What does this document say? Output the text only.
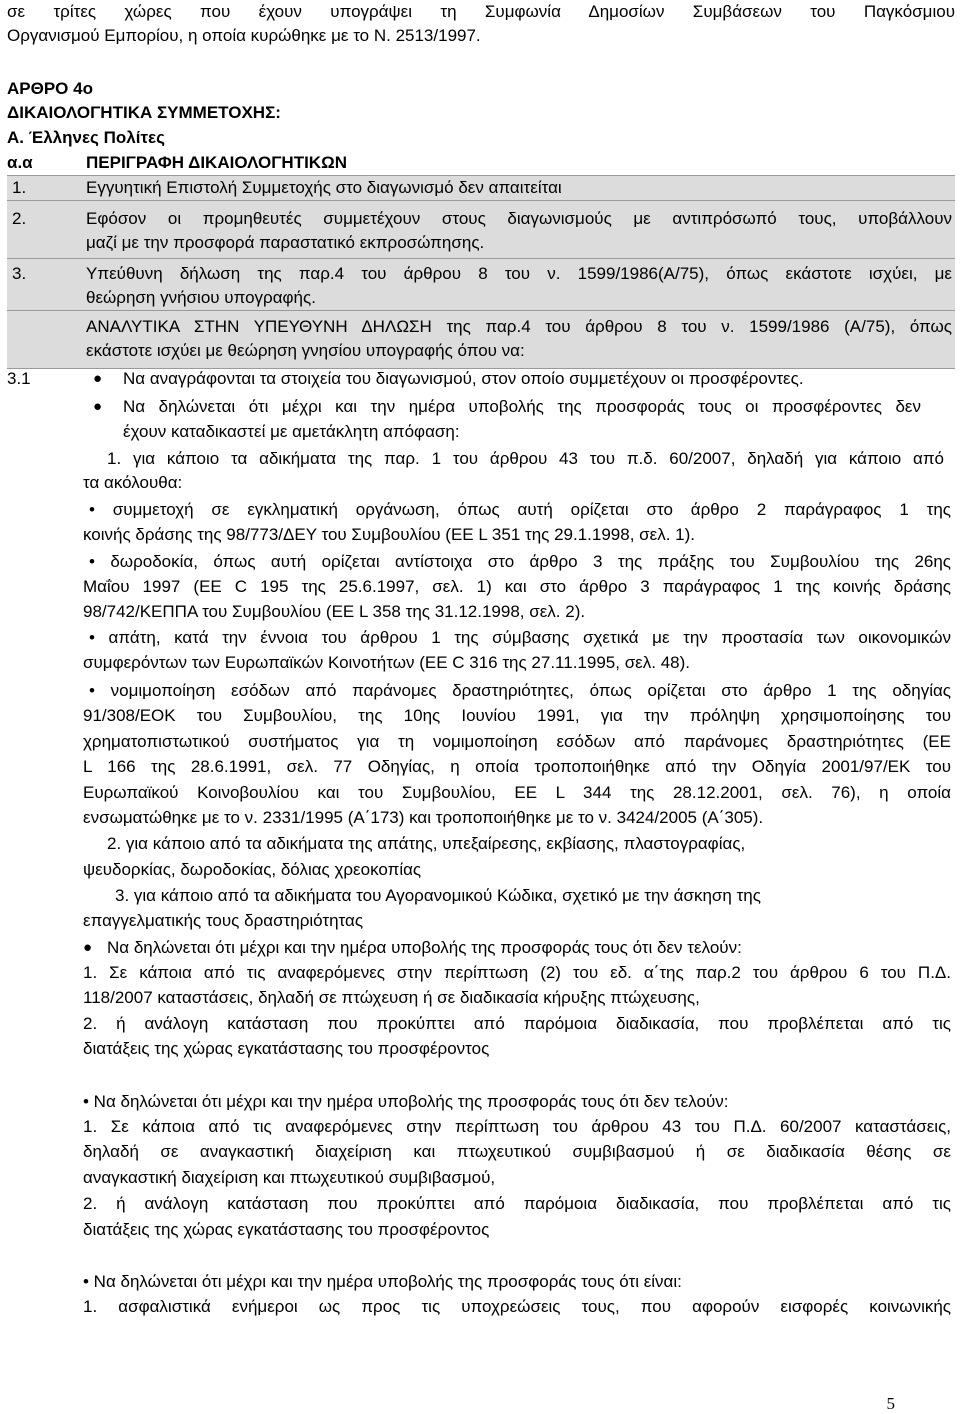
σε τρίτες χώρες που έχουν υπογράψει τη Συμφωνία Δημοσίων Συμβάσεων του Παγκόσμιου
Οργανισμού Εμπορίου, η οποία κυρώθηκε με το Ν. 2513/1997.
ΑΡΘΡΟ 4ο
ΔΙΚΑΙΟΛΟΓΗΤΙΚΑ ΣΥΜΜΕΤΟΧΗΣ:
Α. Έλληνες Πολίτες
α.α	ΠΕΡΙΓΡΑΦΗ ΔΙΚΑΙΟΛΟΓΗΤΙΚΩΝ
1.	Εγγυητική Επιστολή Συμμετοχής στο διαγωνισμό δεν απαιτείται
2.	Εφόσον οι προμηθευτές συμμετέχουν στους διαγωνισμούς με αντιπρόσωπό τους, υποβάλλουν
μαζί με την προσφορά παραστατικό εκπροσώπησης.
3.	Υπεύθυνη δήλωση της παρ.4 του άρθρου 8 του ν. 1599/1986(Α/75), όπως εκάστοτε ισχύει, με
θεώρηση γνήσιου υπογραφής.
ΑΝΑΛΥΤΙΚΑ ΣΤΗΝ ΥΠΕΥΘΥΝΗ ΔΗΛΩΣΗ της παρ.4 του άρθρου 8 του ν. 1599/1986 (Α/75), όπως
εκάστοτε ισχύει με θεώρηση γνησίου υπογραφής όπου να:
3.1	● Να αναγράφονται τα στοιχεία του διαγωνισμού, στον οποίο συμμετέχουν οι προσφέροντες.
● Να δηλώνεται ότι μέχρι και την ημέρα υποβολής της προσφοράς τους οι προσφέροντες δεν
έχουν καταδικαστεί με αμετάκλητη απόφαση:
1. για κάποιο τα αδικήματα της παρ. 1 του άρθρου 43 του π.δ. 60/2007, δηλαδή για κάποιο από
τα ακόλουθα:
• συμμετοχή σε εγκληματική οργάνωση, όπως αυτή ορίζεται στο άρθρο 2 παράγραφος 1 της
κοινής δράσης της 98/773/ΔΕΥ του Συμβουλίου (ΕΕ L 351 της 29.1.1998, σελ. 1).
• δωροδοκία, όπως αυτή ορίζεται αντίστοιχα στο άρθρο 3 της πράξης του Συμβουλίου της 26ης
Μαΐου 1997 (ΕΕ C 195 της 25.6.1997, σελ. 1) και στο άρθρο 3 παράγραφος 1 της κοινής δράσης
98/742/ΚΕΠΠΑ του Συμβουλίου (ΕΕ L 358 της 31.12.1998, σελ. 2).
• απάτη, κατά την έννοια του άρθρου 1 της σύμβασης σχετικά με την προστασία των οικονομικών
συμφερόντων των Ευρωπαϊκών Κοινοτήτων (ΕΕ C 316 της 27.11.1995, σελ. 48).
• νομιμοποίηση εσόδων από παράνομες δραστηριότητες, όπως ορίζεται στο άρθρο 1 της οδηγίας
91/308/ΕΟΚ του Συμβουλίου, της 10ης Ιουνίου 1991, για την πρόληψη χρησιμοποίησης του
χρηματοπιστωτικού συστήματος για τη νομιμοποίηση εσόδων από παράνομες δραστηριότητες (ΕΕ
L 166 της 28.6.1991, σελ. 77 Οδηγίας, η οποία τροποποιήθηκε από την Οδηγία 2001/97/ΕΚ του
Ευρωπαϊκού Κοινοβουλίου και του Συμβουλίου, ΕΕ L 344 της 28.12.2001, σελ. 76), η οποία
ενσωματώθηκε με το ν. 2331/1995 (Α΄173) και τροποποιήθηκε με το ν. 3424/2005 (Α΄305).
2. για κάποιο από τα αδικήματα της απάτης, υπεξαίρεσης, εκβίασης, πλαστογραφίας,
ψευδορκίας, δωροδοκίας, δόλιας χρεοκοπίας
3. για κάποιο από τα αδικήματα του Αγορανομικού Κώδικα, σχετικό με την άσκηση της
επαγγελματικής τους δραστηριότητας
● Να δηλώνεται ότι μέχρι και την ημέρα υποβολής της προσφοράς τους ότι δεν τελούν:
1. Σε κάποια από τις αναφερόμενες στην περίπτωση (2) του εδ. α΄της παρ.2 του άρθρου 6 του Π.Δ.
118/2007 καταστάσεις, δηλαδή σε πτώχευση ή σε διαδικασία κήρυξης πτώχευσης,
2. ή ανάλογη κατάσταση που προκύπτει από παρόμοια διαδικασία, που προβλέπεται από τις
διατάξεις της χώρας εγκατάστασης του προσφέροντος
• Να δηλώνεται ότι μέχρι και την ημέρα υποβολής της προσφοράς τους ότι δεν τελούν:
1. Σε κάποια από τις αναφερόμενες στην περίπτωση του άρθρου 43 του Π.Δ. 60/2007 καταστάσεις,
δηλαδή σε αναγκαστική διαχείριση και πτωχευτικού συμβιβασμού ή σε διαδικασία θέσης σε
αναγκαστική διαχείριση και πτωχευτικού συμβιβασμού,
2. ή ανάλογη κατάσταση που προκύπτει από παρόμοια διαδικασία, που προβλέπεται από τις
διατάξεις της χώρας εγκατάστασης του προσφέροντος
• Να δηλώνεται ότι μέχρι και την ημέρα υποβολής της προσφοράς τους ότι είναι:
1. ασφαλιστικά ενήμεροι ως προς τις υποχρεώσεις τους, που αφορούν εισφορές κοινωνικής
5
